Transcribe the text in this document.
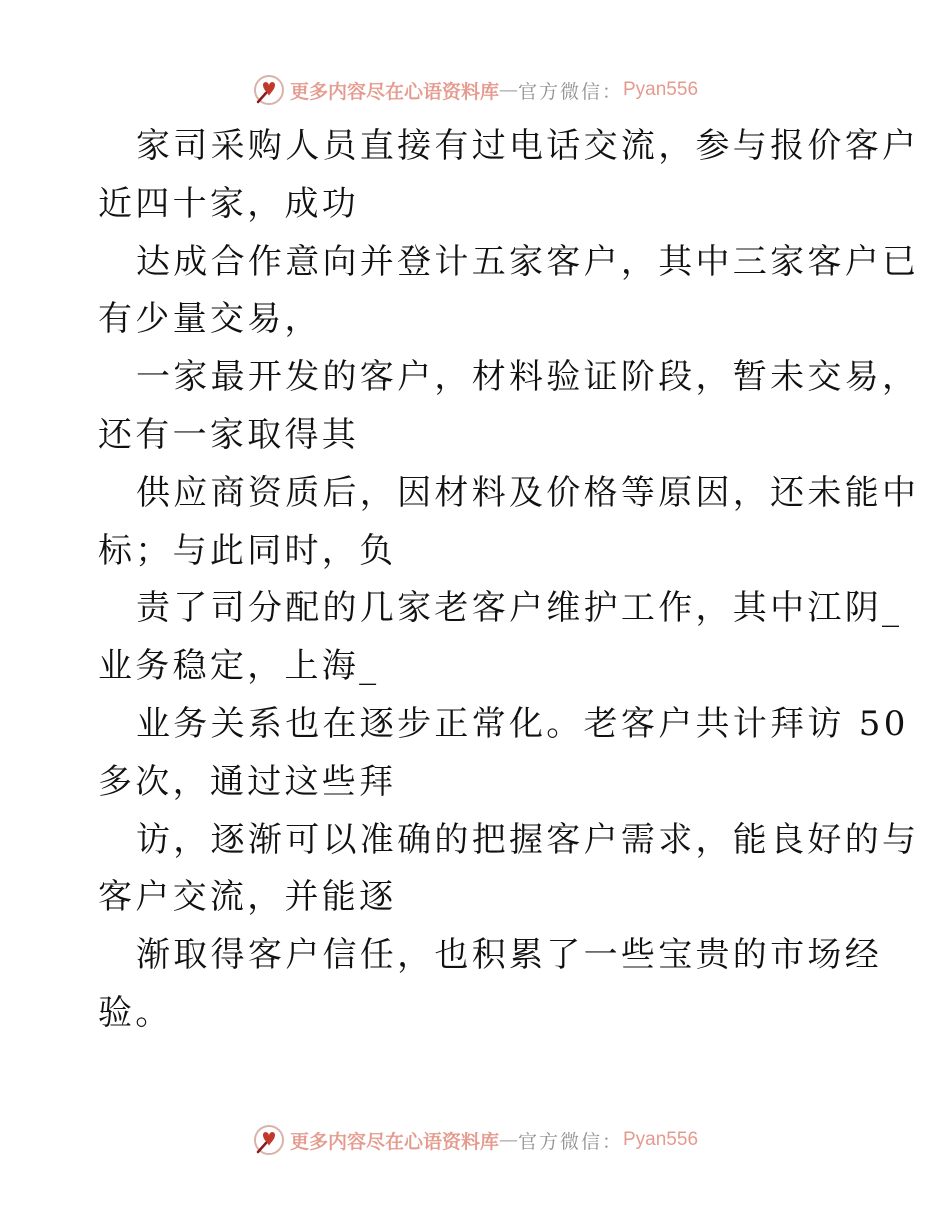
更多内容尽在心语资料库 — 官方微信： Pyan556
家司采购人员直接有过电话交流，参与报价客户
近四十家，成功
达成合作意向并登计五家客户，其中三家客户已
有少量交易，
一家最开发的客户，材料验证阶段，暂未交易，
还有一家取得其
供应商资质后，因材料及价格等原因，还未能中
标；与此同时，负
责了司分配的几家老客户维护工作，其中江阴_
业务稳定，上海_
业务关系也在逐步正常化。老客户共计拜访 50
多次，通过这些拜
访，逐渐可以准确的把握客户需求，能良好的与
客户交流，并能逐
渐取得客户信任，也积累了一些宝贵的市场经
验。
更多内容尽在心语资料库 — 官方微信： Pyan556
